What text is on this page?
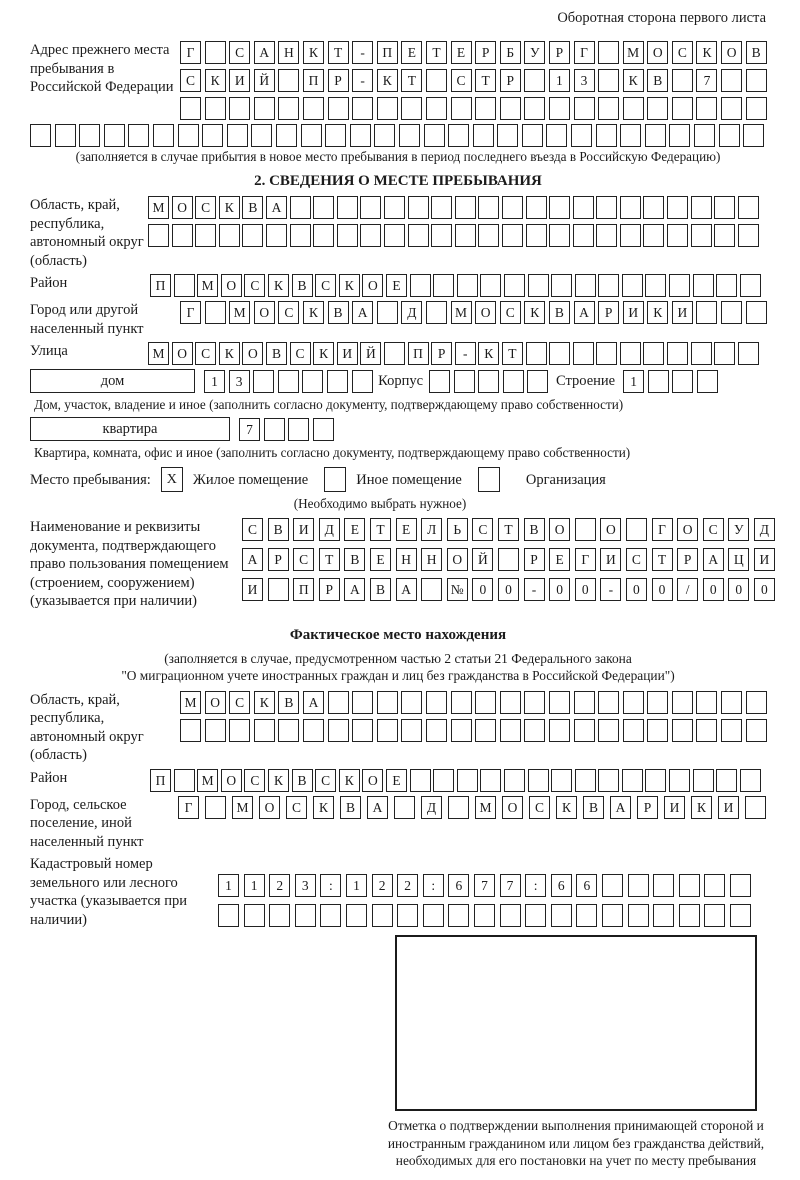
Оборотная сторона первого листа
Адрес прежнего места пребывания в Российской Федерации
Г	С	А	Н	К	Т	-	П	Е	Т	Е	Р	Б	У	Р	Г	М	О	С	К	О	В
С	К	И	Й	П	Р	-	К	Т	С	Т	Р	1	3	К	В	7
(заполняется в случае прибытия в новое место пребывания в период последнего въезда в Российскую Федерацию)
2. СВЕДЕНИЯ О МЕСТЕ ПРЕБЫВАНИЯ
Область, край, республика, автономный округ (область)
М О	С	К	В	А
Район	П	М О	С	К	В	С	К	О	Е
Город или другой населенный пункт
Г	М	О	С	К	В	А	Д	М	О	С	К	В	А	Р	И	К	И
Улица	М О	С	К	О	В	С	К	И	Й	П	Р	-	К	Т
дом	1	3	Корпус	Строение	1
Дом, участок, владение и иное (заполнить согласно документу, подтверждающему право собственности)
квартира	7
Квартира, комната, офис и иное (заполнить согласно документу, подтверждающему право собственности)
Место пребывания:	X	Жилое помещение	Иное помещение	Организация
(Необходимо выбрать нужное)
Наименование и реквизиты документа, подтверждающего право пользования помещением (строением, сооружением) (указывается при наличии)
С	В	И	Д	Е	Т	Е	Л	Ь	С	Т	В	О	О	Г	О	С	У	Д
А	Р	С	Т	В	Е	Н	Н	О	Й	Р	Е	Г	И	С	Т	Р	А	Ц	И
И	П	Р	А	В	А	№	0	0	-	0	0	-	0	0	/	0	0	0
Фактическое место нахождения
(заполняется в случае, предусмотренном частью 2 статьи 21 Федерального закона
"О миграционном учете иностранных граждан и лиц без гражданства в Российской Федерации")
Область, край, республика, автономный округ (область)
М	О	С	К	В	А
Район	П	М О	С	К	В	С	К	О	Е
Город, сельское поселение, иной населенный пункт
Г	М	О	С	К	В	А	Д	М	О	С	К	В	А	Р	И	К	И
Кадастровый номер земельного или лесного участка (указывается при наличии)
1	1	2	3	:	1	2	2	:	6	7	7	:	6	6
Отметка о подтверждении выполнения принимающей стороной и иностранным гражданином или лицом без гражданства действий, необходимых для его постановки на учет по месту пребывания
